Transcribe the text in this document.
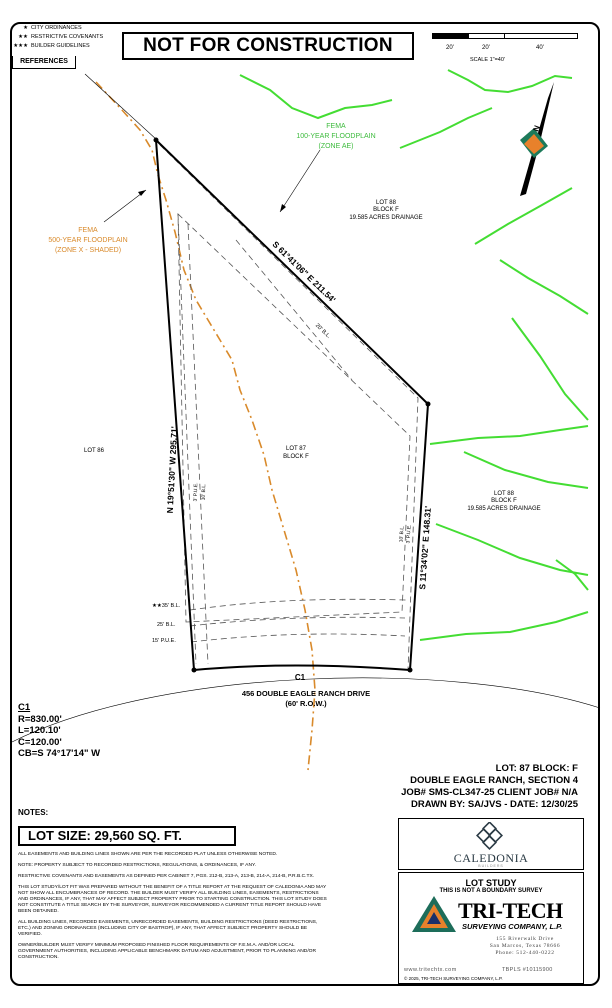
★ CITY ORDINANCES
★★ RESTRICTIVE COVENANTS
★★★ BUILDER GUIDELINES
REFERENCES
NOT FOR CONSTRUCTION	20'	20'	40'
SCALE 1"=40'
N
FEMA
100-YEAR FLOODPLAIN
(ZONE AE)
FEMA
500-YEAR FLOODPLAIN
(ZONE X - SHADED)
LOT 88
BLOCK F
19.585 ACRES DRAINAGE
LOT 88
BLOCK F
19.585 ACRES DRAINAGE
LOT 86	LOT 87
BLOCK F
S 61°41'06" E 211.54'
N 19°51'30" W 295.71'
S 11°34'02" E 148.31'
20' B.L.
3' P.U.E. 10' B.L.
10' B.L. 3' P.U.E.
★★35' B.L.
25' B.L.
15' P.U.E.
C1
456 DOUBLE EAGLE RANCH DRIVE
(60' R.O.W.)
C1
R=830.00'
L=120.10'
C=120.00'
CB=S 74°17'14" W
LOT: 87 BLOCK: F
DOUBLE EAGLE RANCH, SECTION 4
JOB# SMS-CL347-25 CLIENT JOB# N/A
DRAWN BY: SA/JVS - DATE: 12/30/25
NOTES:
LOT SIZE: 29,560 SQ. FT.

ALL EASEMENTS AND BUILDING LINES SHOWN ARE PER THE RECORDED PLAT UNLESS OTHERWISE NOTED.

NOTE: PROPERTY SUBJECT TO RECORDED RESTRICTIONS, REGULATIONS, & ORDINANCES, IF ANY.

RESTRICTIVE COVENANTS AND EASEMENTS AS DEFINED PER CABINET 7, PGS. 212-B, 213-A, 213-B, 214-A, 214-B, P.R.B.C.TX.

THIS LOT STUDY/LOT FIT WAS PREPARED WITHOUT THE BENEFIT OF A TITLE REPORT AT THE REQUEST OF CALEDONIA AND MAY NOT SHOW ALL ENCUMBRANCES OF RECORD. THE BUILDER MUST VERIFY ALL BUILDING LINES, EASEMENTS, RESTRICTIONS AND ORDINANCES, IF ANY, THAT MAY AFFECT SUBJECT PROPERTY PRIOR TO STARTING CONSTRUCTION. THIS LOT STUDY DOES NOT CONSTITUTE A TITLE SEARCH BY THE SURVEYOR, SURVEYOR RECOMMENDED A CURRENT TITLE REPORT SHOULD HAVE BEEN OBTAINED.

ALL BUILDING LINES, RECORDED EASEMENTS, UNRECORDED EASEMENTS, BUILDING RESTRICTIONS (DEED RESTRICTIONS, ETC.) AND ZONING ORDINANCES (INCLUDING CITY OF BASTROP), IF ANY, THAT AFFECT SUBJECT PROPERTY SHOULD BE VERIFIED.

OWNER/BUILDER MUST VERIFY MINIMUM PROPOSED FINISHED FLOOR REQUIREMENTS OF F.E.M.A. AND/OR LOCAL GOVERNMENT AUTHORITIES, INCLUDING APPLICABLE BENCHMARK DATUM AND ADJUSTMENT, PRIOR TO PLANNING AND/OR CONSTRUCTION.

CALEDONIA
BUILDERS
LOT STUDY
THIS IS NOT A BOUNDARY SURVEY
TRI-TECH
SURVEYING COMPANY, L.P.
155 Riverwalk Drive
San Marcos, Texas 78666
Phone: 512-440-0222
www.tritechtx.com	TBPLS #10115900
© 2025, TRI-TECH SURVEYING COMPANY, L.P.
